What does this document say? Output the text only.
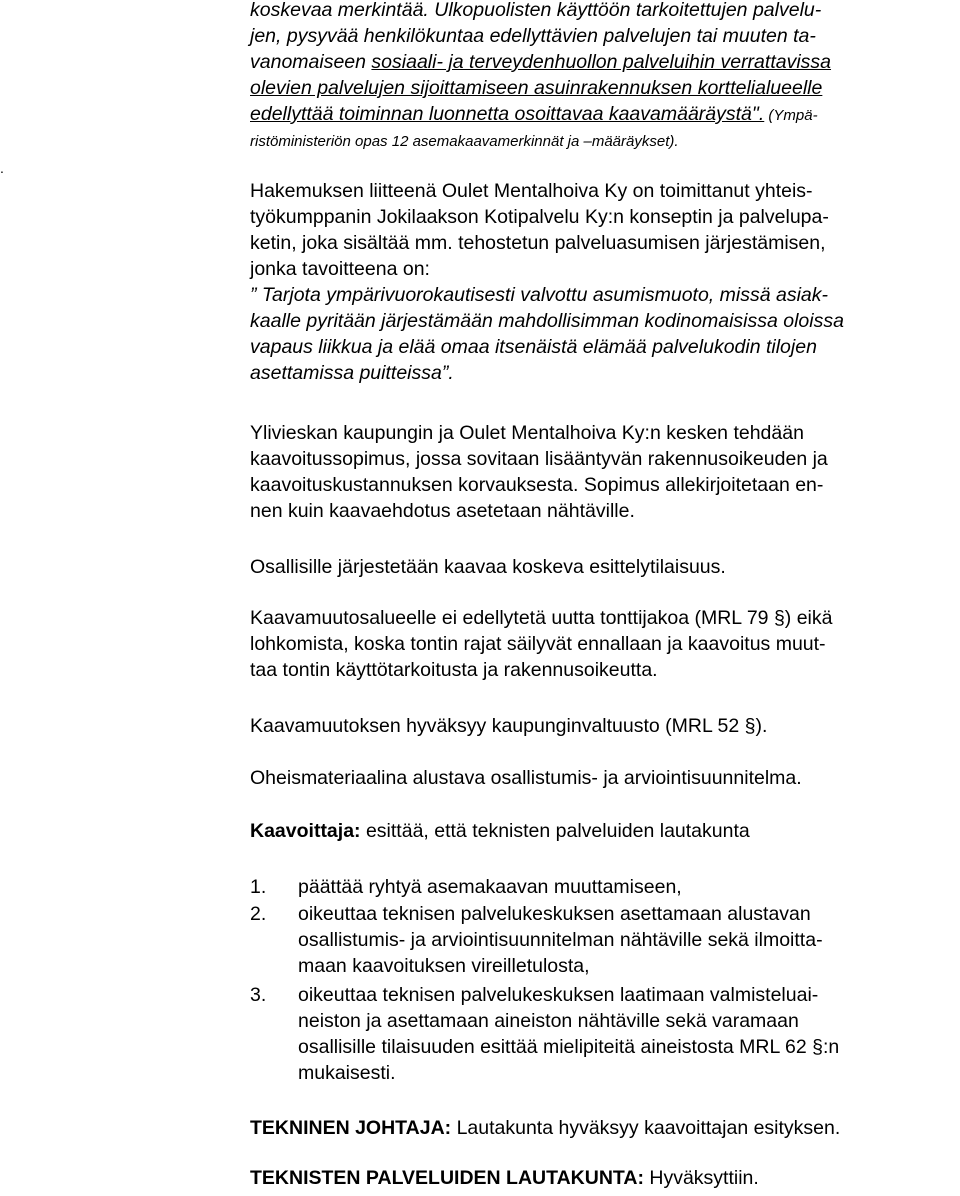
.
koskevaa merkintää. Ulkopuolisten käyttöön tarkoitettujen palvelu-
jen, pysyvää henkilökuntaa edellyttävien palvelujen tai muuten ta-
vanomaiseen sosiaali- ja terveydenhuollon palveluihin verrattavissa
olevien palvelujen sijoittamiseen asuinrakennuksen korttelialueelle
edellyttää toiminnan luonnetta osoittavaa kaavamääräystä". (Ympä-
ristöministeriön opas 12 asemakaavamerkinnät ja –määräykset).
Hakemuksen liitteenä Oulet Mentalhoiva Ky on toimittanut yhteis-
työkumppanin Jokilaakson Kotipalvelu Ky:n konseptin ja palvelupa-
ketin, joka sisältää mm. tehostetun palveluasumisen järjestämisen,
jonka tavoitteena on:
” Tarjota ympärivuorokautisesti valvottu asumismuoto, missä asiak-
kaalle pyritään järjestämään mahdollisimman kodinomaisissa oloissa
vapaus liikkua ja elää omaa itsenäistä elämää palvelukodin tilojen
asettamissa puitteissa”.
Ylivieskan kaupungin ja Oulet Mentalhoiva Ky:n kesken tehdään
kaavoitussopimus, jossa sovitaan lisääntyvän rakennusoikeuden ja
kaavoituskustannuksen korvauksesta. Sopimus allekirjoitetaan en-
nen kuin kaavaehdotus asetetaan nähtäville.
Osallisille järjestetään kaavaa koskeva esittelytilaisuus.
Kaavamuutosalueelle ei edellytetä uutta tonttijakoa (MRL 79 §) eikä
lohkomista, koska tontin rajat säilyvät ennallaan ja kaavoitus muut-
taa tontin käyttötarkoitusta ja rakennusoikeutta.
Kaavamuutoksen hyväksyy kaupunginvaltuusto (MRL 52 §).
Oheismateriaalina alustava osallistumis- ja arviointisuunnitelma.
Kaavoittaja: esittää, että teknisten palveluiden lautakunta
1. päättää ryhtyä asemakaavan muuttamiseen,
2. oikeuttaa teknisen palvelukeskuksen asettamaan alustavan
osallistumis- ja arviointisuunnitelman nähtäville sekä ilmoitta-
maan kaavoituksen vireilletulosta,
3. oikeuttaa teknisen palvelukeskuksen laatimaan valmisteluai-
neiston ja asettamaan aineiston nähtäville sekä varamaan
osallisille tilaisuuden esittää mielipiteitä aineistosta MRL 62 §:n
mukaisesti.
TEKNINEN JOHTAJA: Lautakunta hyväksyy kaavoittajan esityksen.
TEKNISTEN PALVELUIDEN LAUTAKUNTA: Hyväksyttiin.
